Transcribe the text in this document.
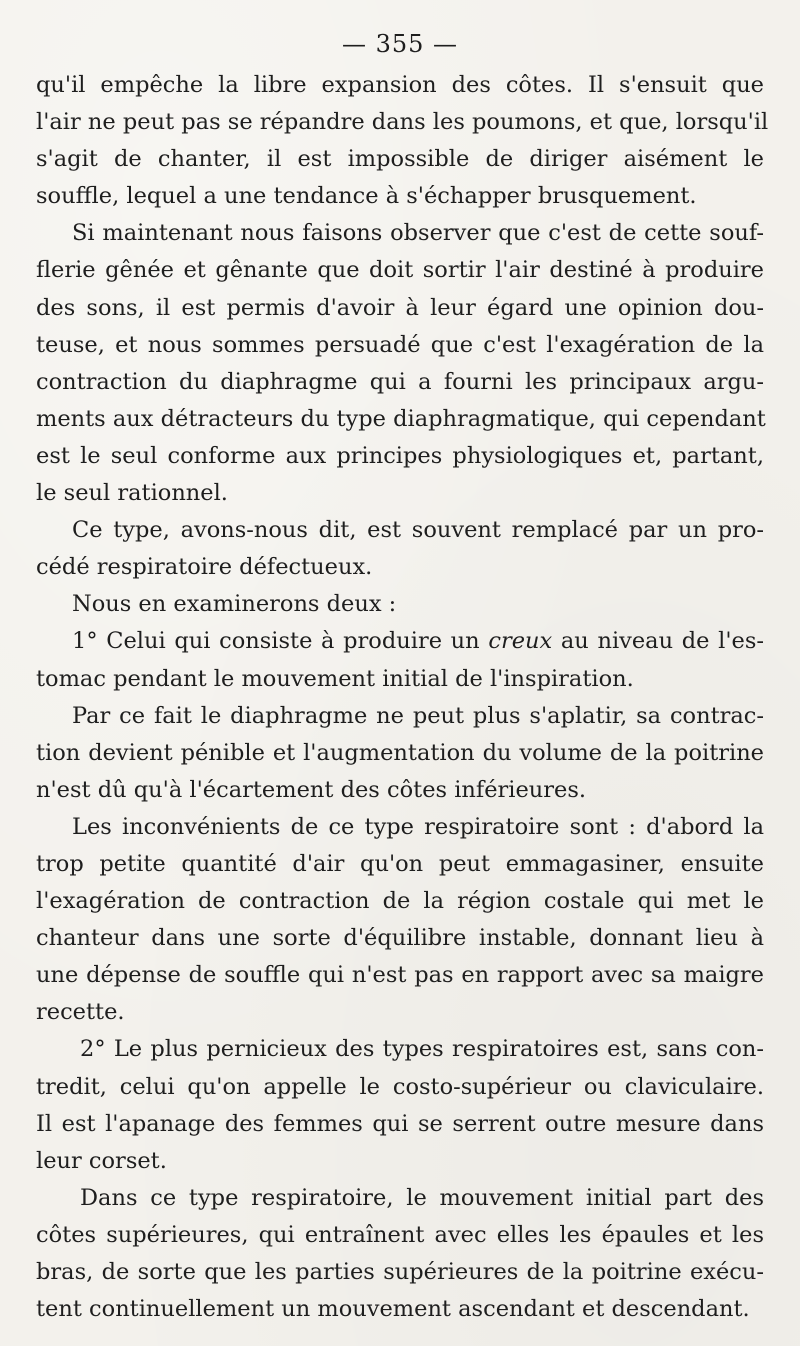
— 355 —
qu'il empêche la libre expansion des côtes. Il s'ensuit que
l'air ne peut pas se répandre dans les poumons, et que, lorsqu'il
s'agit de chanter, il est impossible de diriger aisément le
souffle, lequel a une tendance à s'échapper brusquement.
Si maintenant nous faisons observer que c'est de cette souf-
flerie gênée et gênante que doit sortir l'air destiné à produire
des sons, il est permis d'avoir à leur égard une opinion dou-
teuse, et nous sommes persuadé que c'est l'exagération de la
contraction du diaphragme qui a fourni les principaux argu-
ments aux détracteurs du type diaphragmatique, qui cependant
est le seul conforme aux principes physiologiques et, partant,
le seul rationnel.
Ce type, avons-nous dit, est souvent remplacé par un pro-
cédé respiratoire défectueux.
Nous en examinerons deux :
1° Celui qui consiste à produire un creux au niveau de l'es-
tomac pendant le mouvement initial de l'inspiration.
Par ce fait le diaphragme ne peut plus s'aplatir, sa contrac-
tion devient pénible et l'augmentation du volume de la poitrine
n'est dû qu'à l'écartement des côtes inférieures.
Les inconvénients de ce type respiratoire sont : d'abord la
trop petite quantité d'air qu'on peut emmagasiner, ensuite
l'exagération de contraction de la région costale qui met le
chanteur dans une sorte d'équilibre instable, donnant lieu à
une dépense de souffle qui n'est pas en rapport avec sa maigre
recette.
2° Le plus pernicieux des types respiratoires est, sans con-
tredit, celui qu'on appelle le costo-supérieur ou claviculaire.
Il est l'apanage des femmes qui se serrent outre mesure dans
leur corset.
Dans ce type respiratoire, le mouvement initial part des
côtes supérieures, qui entraînent avec elles les épaules et les
bras, de sorte que les parties supérieures de la poitrine exécu-
tent continuellement un mouvement ascendant et descendant.
